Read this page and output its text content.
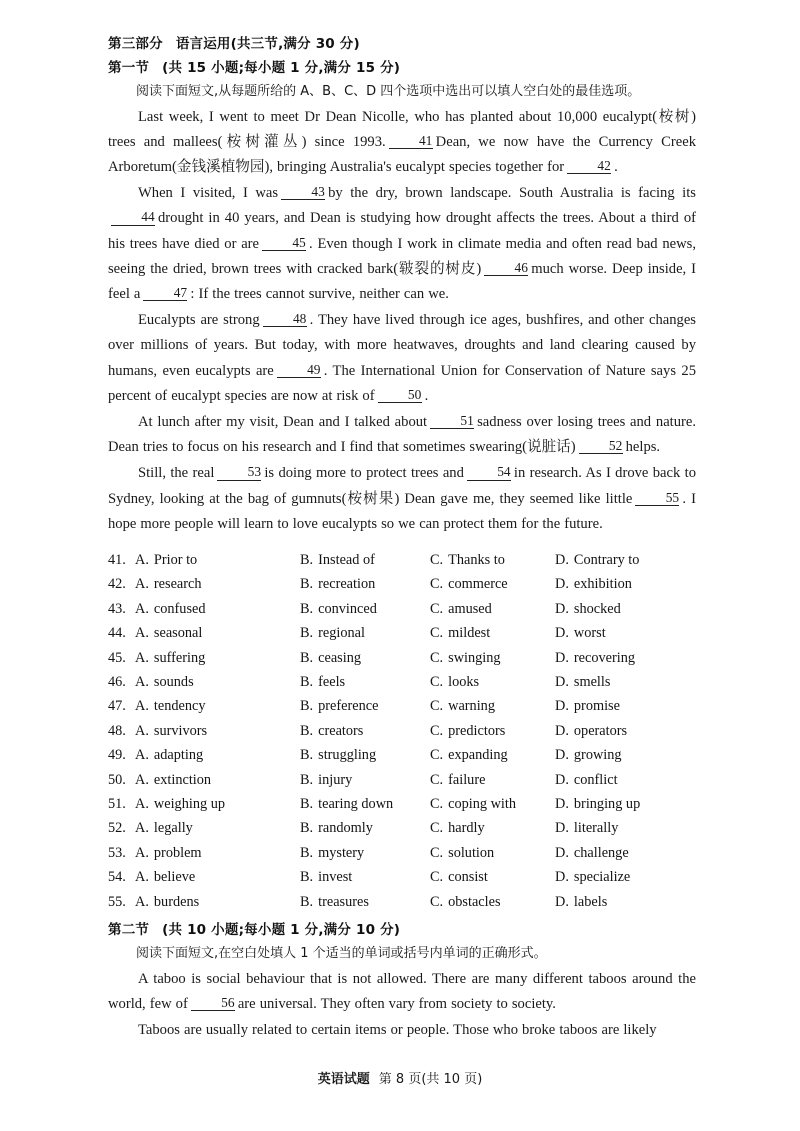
第三部分 语言运用(共三节,满分 30 分)
第一节 (共 15 小题;每小题 1 分,满分 15 分)
阅读下面短文,从每题所给的 A、B、C、D 四个选项中选出可以填人空白处的最佳选项。

Last week, I went to meet Dr Dean Nicolle, who has planted about 10,000 eucalypt(桉树) trees and mallees(桉树灌丛) since 1993. 41 Dean, we now have the Currency Creek Arboretum(金钱溪植物园), bringing Australia's eucalypt species together for 42 .

When I visited, I was 43 by the dry, brown landscape. South Australia is facing its44 drought in 40 years, and Dean is studying how drought affects the trees. About a third of his trees have died or are 45 . Even though I work in climate media and often read bad news, seeing the dried, brown trees with cracked bark(皲裂的树皮) 46 much worse. Deep inside, I feel a 47 : If the trees cannot survive, neither can we.

Eucalypts are strong 48 . They have lived through ice ages, bushfires, and other changes over millions of years. But today, with more heatwaves, droughts and land clearing caused by humans, even eucalypts are 49 . The International Union for Conservation of Nature says 25 percent of eucalypt species are now at risk of 50 .

At lunch after my visit, Dean and I talked about 51 sadness over losing trees and nature. Dean tries to focus on his research and I find that sometimes swearing(说脏话) 52 helps.

Still, the real 53 is doing more to protect trees and 54 in research. As I drove back to Sydney, looking at the bag of gumnuts(桉树果) Dean gave me, they seemed like little 55 . I hope more people will learn to love eucalypts so we can protect them for the future.

41. A. Prior to	B. Instead of	C. Thanks to	D. Contrary to
42. A. research	B. recreation	C. commerce	D. exhibition
43. A. confused	B. convinced	C. amused	D. shocked
44. A. seasonal	B. regional	C. mildest	D. worst
45. A. suffering	B. ceasing	C. swinging	D. recovering
46. A. sounds	B. feels	C. looks	D. smells
47. A. tendency	B. preference	C. warning	D. promise
48. A. survivors	B. creators	C. predictors	D. operators
49. A. adapting	B. struggling	C. expanding	D. growing
50. A. extinction	B. injury	C. failure	D. conflict
51. A. weighing up	B. tearing down	C. coping with	D. bringing up
52. A. legally	B. randomly	C. hardly	D. literally
53. A. problem	B. mystery	C. solution	D. challenge
54. A. believe	B. invest	C. consist	D. specialize
55. A. burdens	B. treasures	C. obstacles	D. labels
第二节 (共 10 小题;每小题 1 分,满分 10 分)
阅读下面短文,在空白处填人 1 个适当的单词或括号内单词的正确形式。

A taboo is social behaviour that is not allowed. There are many different taboos around the world, few of 56 are universal. They often vary from society to society.

Taboos are usually related to certain items or people. Those who broke taboos are likely

英语试题 第 8 页(共 10 页)
